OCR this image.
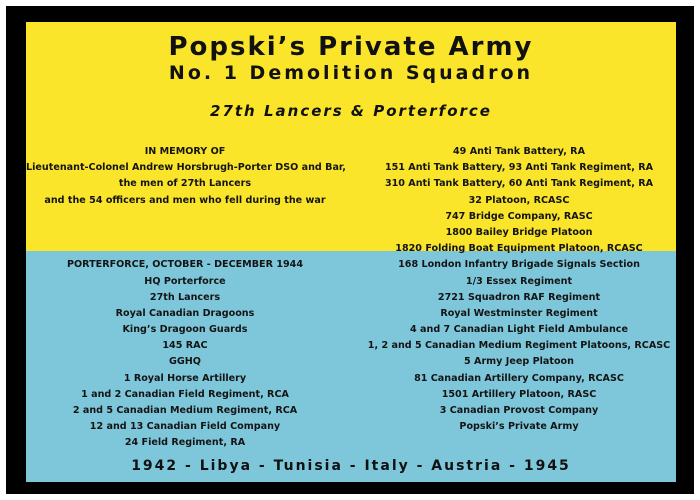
Popski’s Private Army
No. 1 Demolition Squadron
27th Lancers & Porterforce
IN MEMORY OF
Lieutenant-Colonel Andrew Horsbrugh-Porter DSO and Bar,
the men of 27th Lancers
and the 54 officers and men who fell during the war
PORTERFORCE, OCTOBER - DECEMBER 1944
HQ Porterforce
27th Lancers
Royal Canadian Dragoons
King’s Dragoon Guards
145 RAC
GGHQ
1 Royal Horse Artillery
1 and 2 Canadian Field Regiment, RCA
2 and 5 Canadian Medium Regiment, RCA
12 and 13 Canadian Field Company
24 Field Regiment, RA
49 Anti Tank Battery, RA
151 Anti Tank Battery, 93 Anti Tank Regiment, RA
310 Anti Tank Battery, 60 Anti Tank Regiment, RA
32 Platoon, RCASC
747 Bridge Company, RASC
1800 Bailey Bridge Platoon
1820 Folding Boat Equipment Platoon, RCASC
168 London Infantry Brigade Signals Section
1/3 Essex Regiment
2721 Squadron RAF Regiment
Royal Westminster Regiment
4 and 7 Canadian Light Field Ambulance
1, 2 and 5 Canadian Medium Regiment Platoons, RCASC
5 Army Jeep Platoon
81 Canadian Artillery Company, RCASC
1501 Artillery Platoon, RASC
3 Canadian Provost Company
Popski’s Private Army
1942 - Libya - Tunisia - Italy - Austria - 1945
